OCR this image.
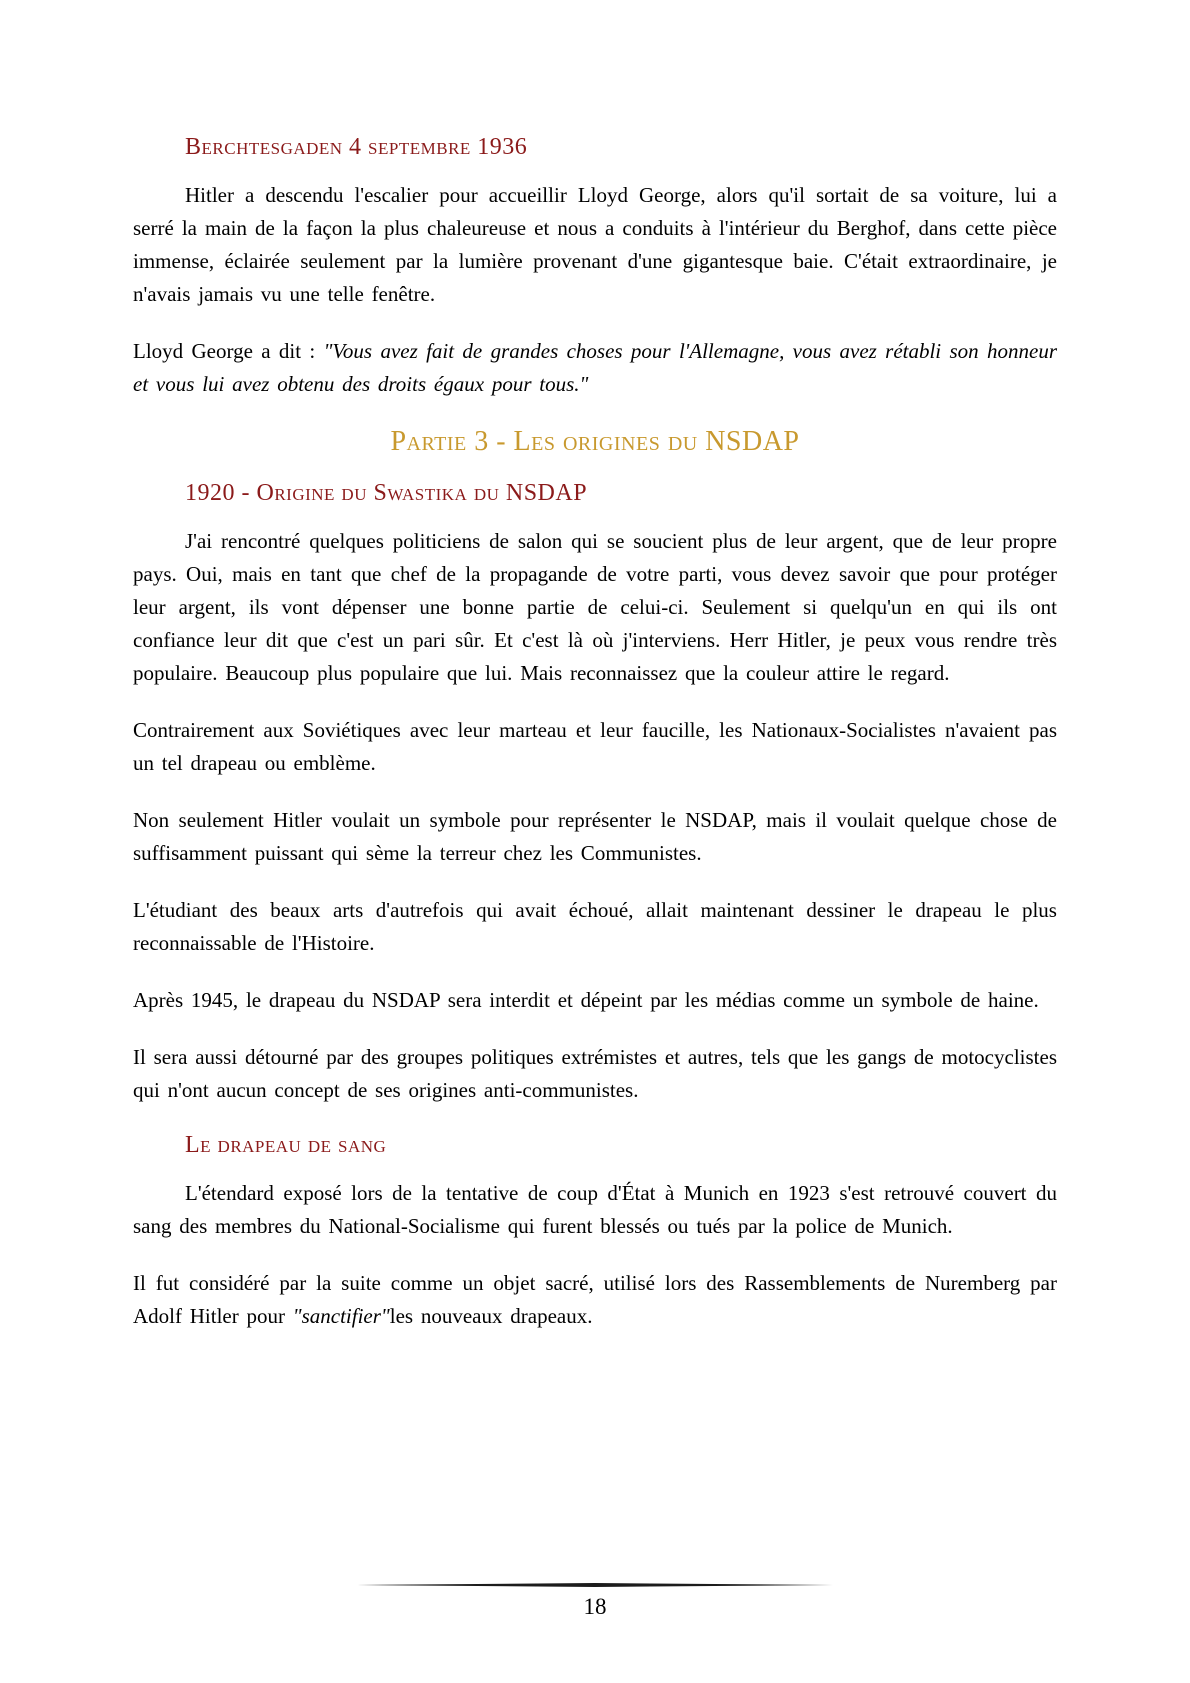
Berchtesgaden 4 septembre 1936

Hitler a descendu l'escalier pour accueillir Lloyd George, alors qu'il sortait de sa voiture, lui a serré la main de la façon la plus chaleureuse et nous a conduits à l'intérieur du Berghof, dans cette pièce immense, éclairée seulement par la lumière provenant d'une gigantesque baie. C'était extraordinaire, je n'avais jamais vu une telle fenêtre.

Lloyd George a dit : "Vous avez fait de grandes choses pour l'Allemagne, vous avez rétabli son honneur et vous lui avez obtenu des droits égaux pour tous."

Partie 3 - Les origines du NSDAP
1920 - Origine du Swastika du NSDAP

J'ai rencontré quelques politiciens de salon qui se soucient plus de leur argent, que de leur propre pays. Oui, mais en tant que chef de la propagande de votre parti, vous devez savoir que pour protéger leur argent, ils vont dépenser une bonne partie de celui-ci. Seulement si quelqu'un en qui ils ont confiance leur dit que c'est un pari sûr. Et c'est là où j'interviens. Herr Hitler, je peux vous rendre très populaire. Beaucoup plus populaire que lui. Mais reconnaissez que la couleur attire le regard.

Contrairement aux Soviétiques avec leur marteau et leur faucille, les Nationaux-Socialistes n'avaient pas un tel drapeau ou emblème.

Non seulement Hitler voulait un symbole pour représenter le NSDAP, mais il voulait quelque chose de suffisamment puissant qui sème la terreur chez les Communistes.

L'étudiant des beaux arts d'autrefois qui avait échoué, allait maintenant dessiner le drapeau le plus reconnaissable de l'Histoire.

Après 1945, le drapeau du NSDAP sera interdit et dépeint par les médias comme un symbole de haine.

Il sera aussi détourné par des groupes politiques extrémistes et autres, tels que les gangs de motocyclistes qui n'ont aucun concept de ses origines anti-communistes.

Le drapeau de sang

L'étendard exposé lors de la tentative de coup d'État à Munich en 1923 s'est retrouvé couvert du sang des membres du National-Socialisme qui furent blessés ou tués par la police de Munich.

Il fut considéré par la suite comme un objet sacré, utilisé lors des Rassemblements de Nuremberg par Adolf Hitler pour "sanctifier"les nouveaux drapeaux.

18
